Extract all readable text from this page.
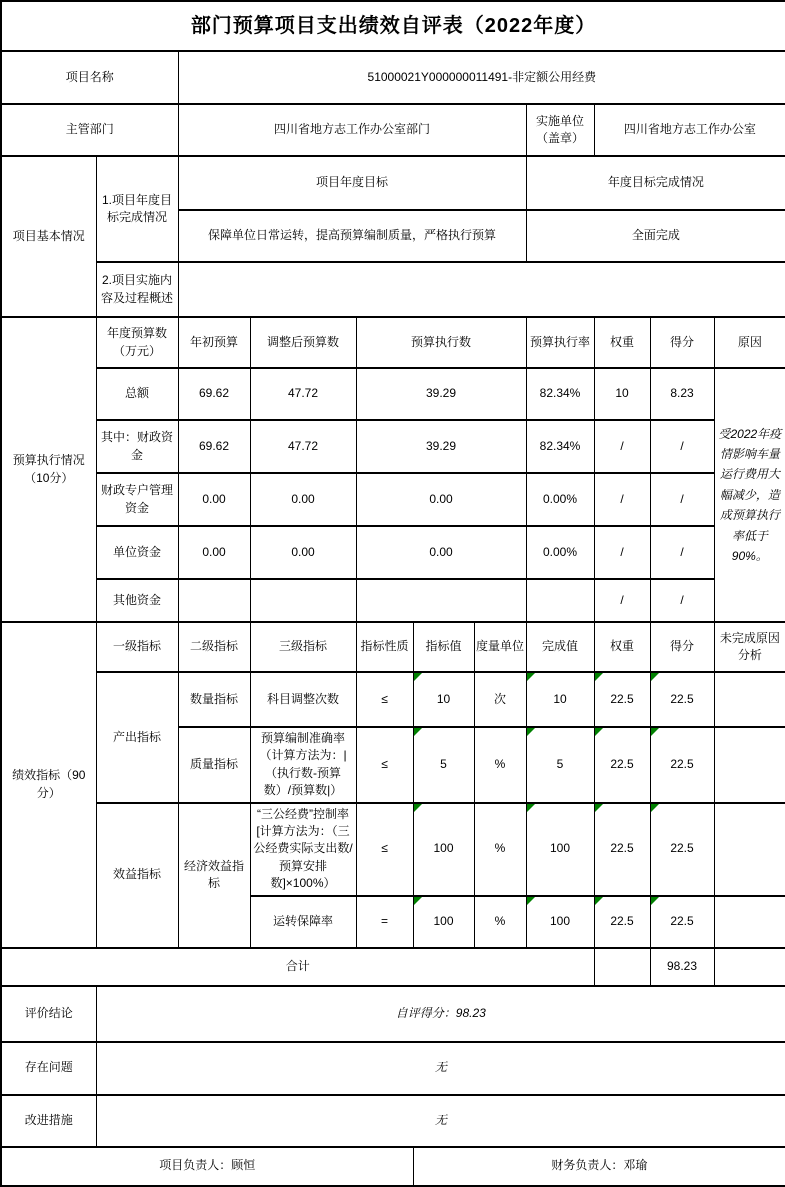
部门预算项目支出绩效自评表（2022年度）										
项目名称		51000021Y000000011491-非定额公用经费								
主管部门		四川省地方志工作办公室部门					实施单位（盖章）	四川省地方志工作办公室		
项目基本情况	1.项目年度目标完成情况	项目年度目标					年度目标完成情况			
		保障单位日常运转，提高预算编制质量，严格执行预算					全面完成			
	2.项目实施内容及过程概述									
预算执行情况（10分）	年度预算数（万元）	年初预算	调整后预算数	预算执行数			预算执行率	权重	得分	原因
	总额	69.62	47.72	39.29			82.34%	10	8.23	受2022年疫情影响车量运行费用大幅减少，造成预算执行率低于90%。
	其中：财政资金	69.62	47.72	39.29			82.34%	/	/	
	财政专户管理资金	0.00	0.00	0.00			0.00%	/	/	
	单位资金	0.00	0.00	0.00			0.00%	/	/	
	其他资金							/	/	
绩效指标（90分）	一级指标	二级指标	三级指标	指标性质	指标值	度量单位	完成值	权重	得分	未完成原因分析
	产出指标	数量指标	科目调整次数	≤	10	次	10	22.5	22.5	
		质量指标	预算编制准确率（计算方法为：|（执行数-预算数）/预算数|）	≤	5	%	5	22.5	22.5	
	效益指标	经济效益指标	“三公经费”控制率[计算方法为：（三公经费实际支出数/预算安排数]×100%）	≤	100	%	100	22.5	22.5	
			运转保障率	=	100	%	100	22.5	22.5	
合计									98.23	
评价结论	自评得分：98.23									
存在问题	无									
改进措施	无									
项目负责人：顾恒					财务负责人：邓瑜					
